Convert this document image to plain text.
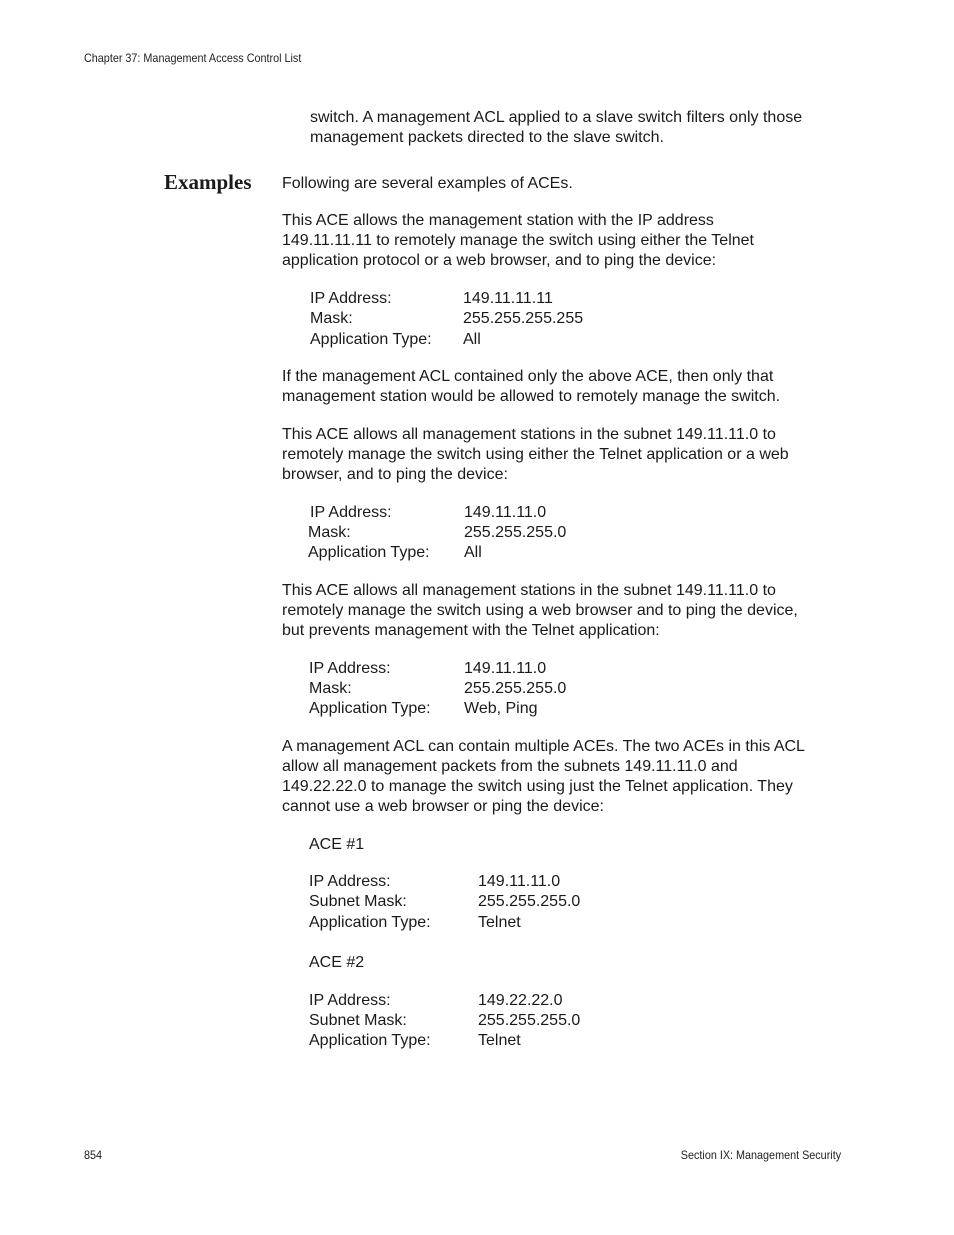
Chapter 37: Management Access Control List
switch. A management ACL applied to a slave switch filters only those
management packets directed to the slave switch.
Examples Following are several examples of ACEs.
This ACE allows the management station with the IP address
149.11.11.11 to remotely manage the switch using either the Telnet
application protocol or a web browser, and to ping the device:
IP Address:
Mask:
Application Type:
149.11.11.11
255.255.255.255
All
If the management ACL contained only the above ACE, then only that
management station would be allowed to remotely manage the switch.
This ACE allows all management stations in the subnet 149.11.11.0 to
remotely manage the switch using either the Telnet application or a web
browser, and to ping the device:
IP Address:
Mask:
Application Type:
149.11.11.0
255.255.255.0
All
This ACE allows all management stations in the subnet 149.11.11.0 to
remotely manage the switch using a web browser and to ping the device,
but prevents management with the Telnet application:
IP Address:
Mask:
Application Type:
149.11.11.0
255.255.255.0
Web, Ping
A management ACL can contain multiple ACEs. The two ACEs in this ACL
allow all management packets from the subnets 149.11.11.0 and
149.22.22.0 to manage the switch using just the Telnet application. They
cannot use a web browser or ping the device:
ACE #1
IP Address:
Subnet Mask:
Application Type:
149.11.11.0
255.255.255.0
Telnet
ACE #2
IP Address:
Subnet Mask:
Application Type:
149.22.22.0
255.255.255.0
Telnet
854	Section IX: Management Security
